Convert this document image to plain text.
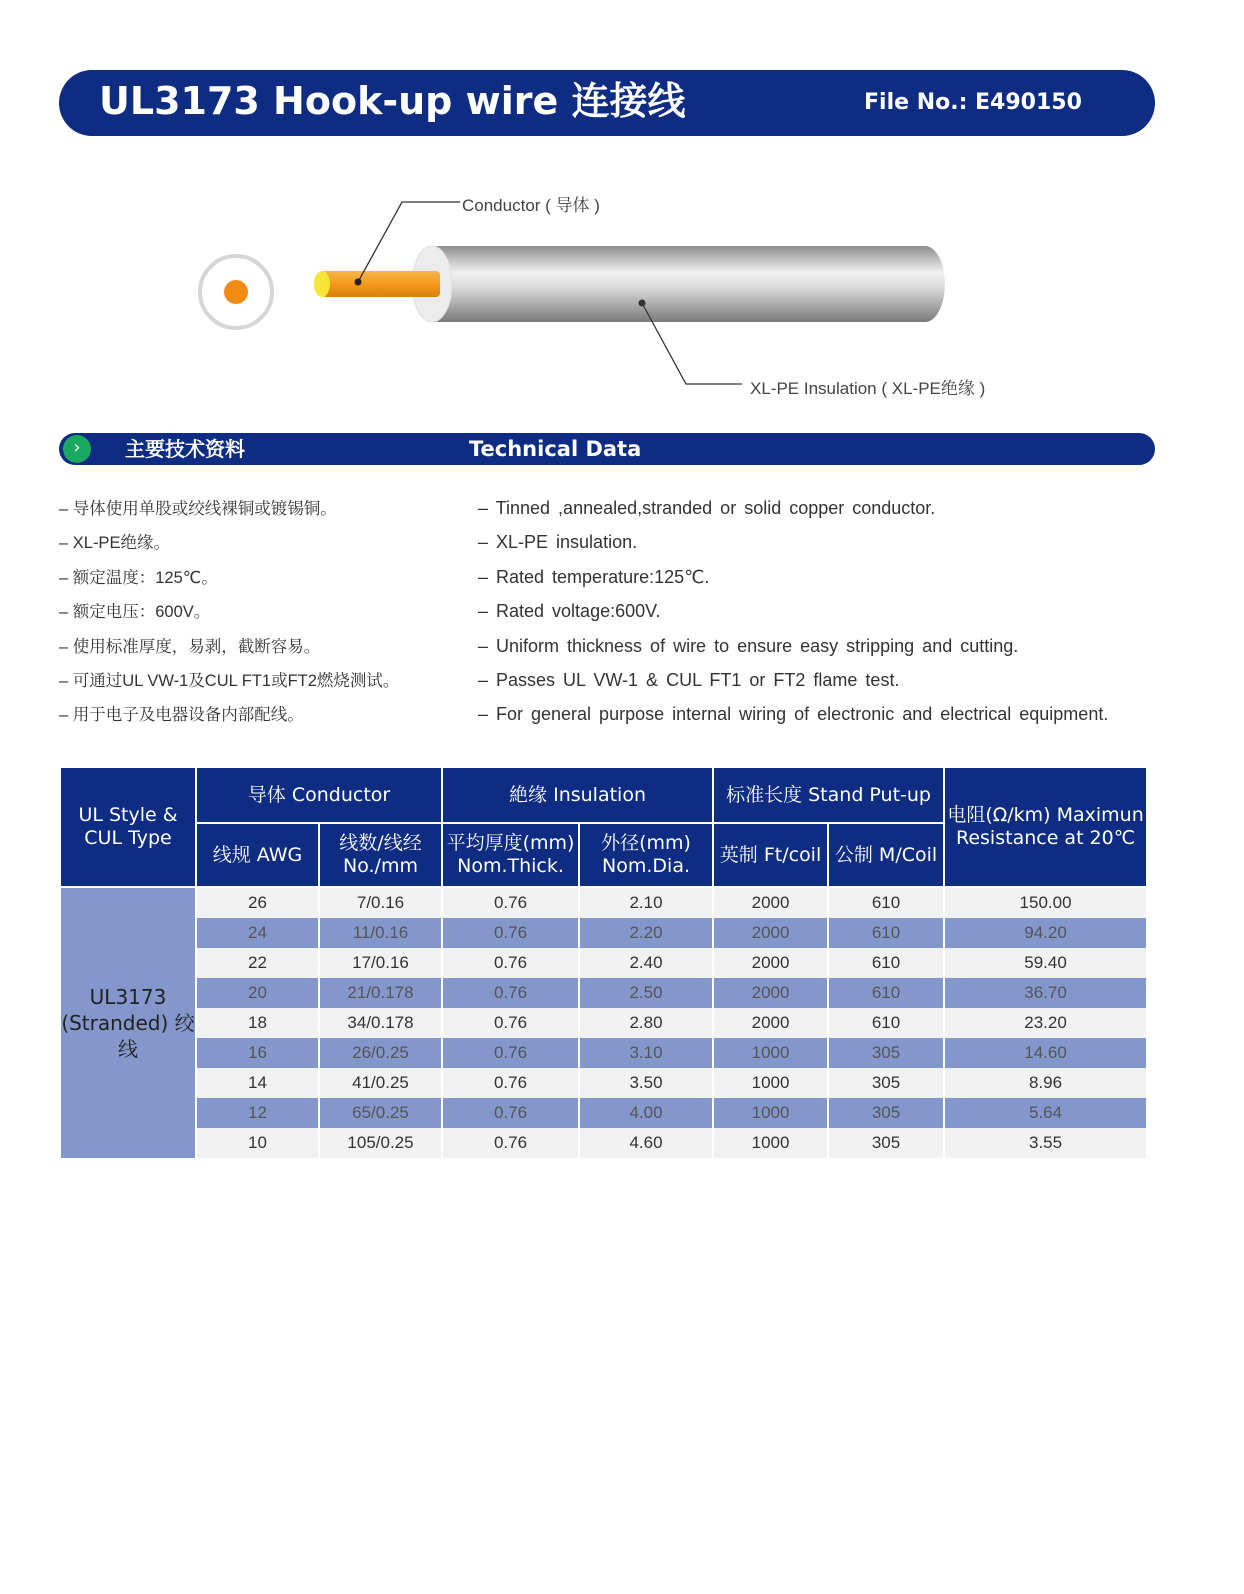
UL3173 Hook-up wire 连接线	File No.: E490150
Conductor ( 导体 )
XL-PE Insulation ( XL-PE绝缘 )
›	主要技术资料	Technical Data
– 导体使用单股或绞线裸铜或镀锡铜。
– XL-PE绝缘。
– 额定温度：125℃。
– 额定电压：600V。
– 使用标准厚度，易剥，截断容易。
– 可通过UL VW-1及CUL FT1或FT2燃烧测试。
– 用于电子及电器设备内部配线。
– Tinned ,annealed,stranded or solid copper conductor.
– XL-PE insulation.
– Rated temperature:125℃.
– Rated voltage:600V.
– Uniform thickness of wire to ensure easy stripping and cutting.
– Passes UL VW-1 & CUL FT1 or FT2 flame test.
– For general purpose internal wiring of electronic and electrical equipment.
UL Style & CUL Type	导体 Conductor		絶缘 Insulation		标准长度 Stand Put-up		电阻(Ω/km) Maximun Resistance at 20℃
	线规 AWG	线数/线经 No./mm	平均厚度(mm) Nom.Thick.	外径(mm) Nom.Dia.	英制 Ft/coil	公制 M/Coil	
UL3173 (Stranded) 绞线	26	7/0.16	0.76	2.10	2000	610	150.00
	24	11/0.16	0.76	2.20	2000	610	94.20
	22	17/0.16	0.76	2.40	2000	610	59.40
	20	21/0.178	0.76	2.50	2000	610	36.70
	18	34/0.178	0.76	2.80	2000	610	23.20
	16	26/0.25	0.76	3.10	1000	305	14.60
	14	41/0.25	0.76	3.50	1000	305	8.96
	12	65/0.25	0.76	4.00	1000	305	5.64
	10	105/0.25	0.76	4.60	1000	305	3.55
